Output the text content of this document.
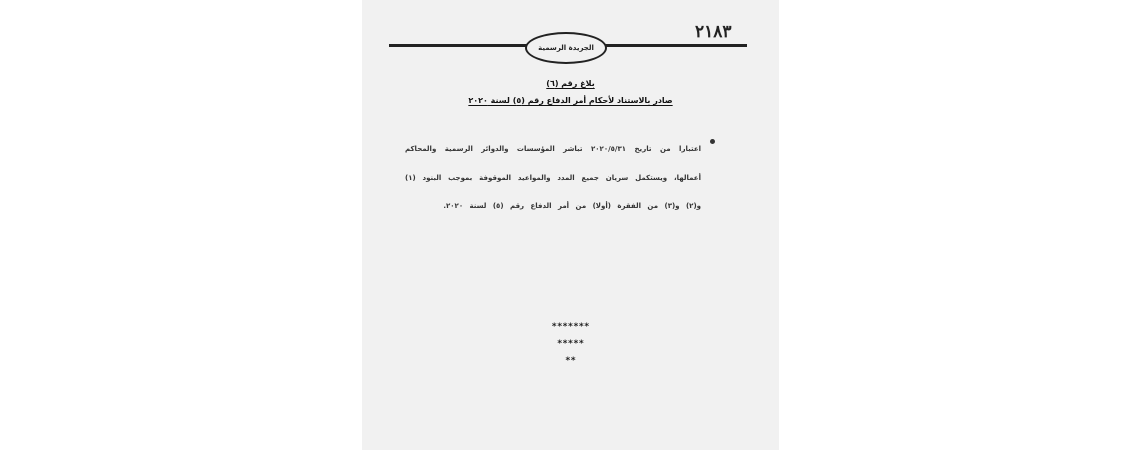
٢١٨٣
الجريدة الرسمية
بلاغ رقم (٦)
صادر بالاستناد لأحكام أمر الدفاع رقم (٥) لسنة ٢٠٢٠

اعتبارا من تاريخ ٢٠٢٠/٥/٣١ تباشر المؤسسات والدوائر الرسمية والمحاكم أعمالها، ويستكمل سريان جميع المدد والمواعيد الموقوفة بموجب البنود (١) و(٢) و(٣) من الفقرة (أولا) من أمر الدفاع رقم (٥) لسنة ٢٠٢٠.

*******
*****
**
